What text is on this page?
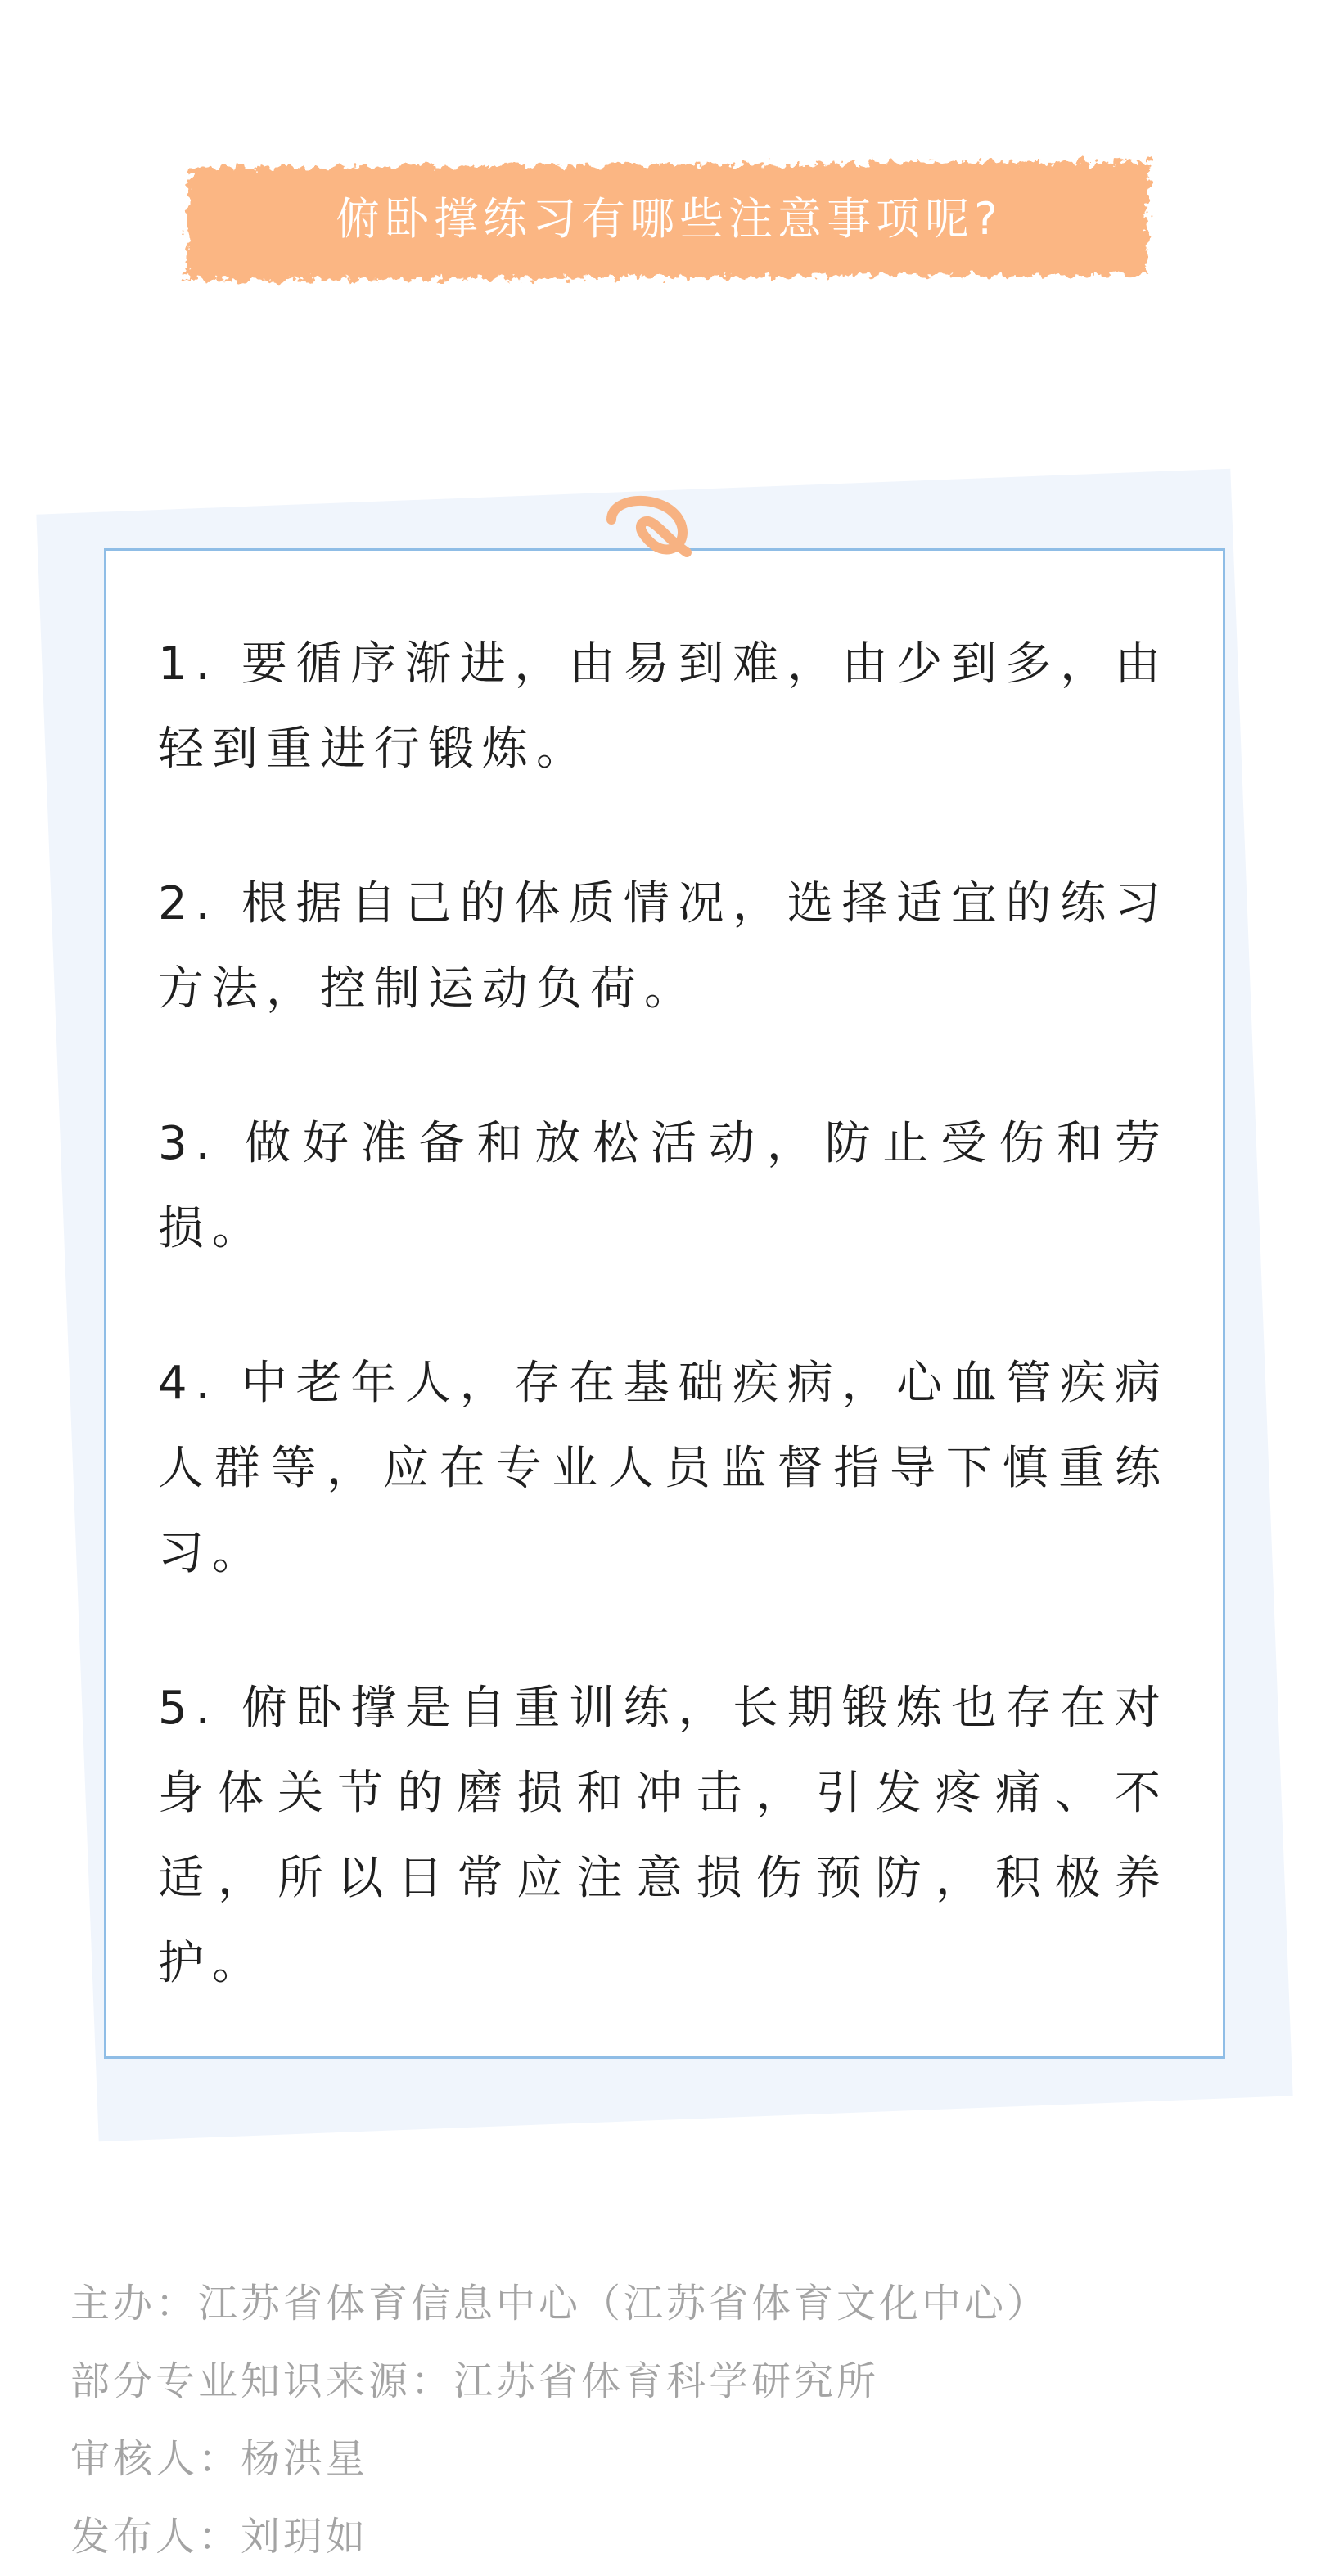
俯卧撑练习有哪些注意事项呢?
1. 要循序渐进，由易到难，由少到多，由轻到重进行锻炼。
2. 根据自己的体质情况，选择适宜的练习方法，控制运动负荷。
3. 做好准备和放松活动，防止受伤和劳损。
4. 中老年人，存在基础疾病，心血管疾病人群等，应在专业人员监督指导下慎重练习。
5. 俯卧撑是自重训练，长期锻炼也存在对身体关节的磨损和冲击，引发疼痛、不适，所以日常应注意损伤预防，积极养护。
主办：江苏省体育信息中心（江苏省体育文化中心）
部分专业知识来源：江苏省体育科学研究所
审核人：杨洪星
发布人：刘玥如
